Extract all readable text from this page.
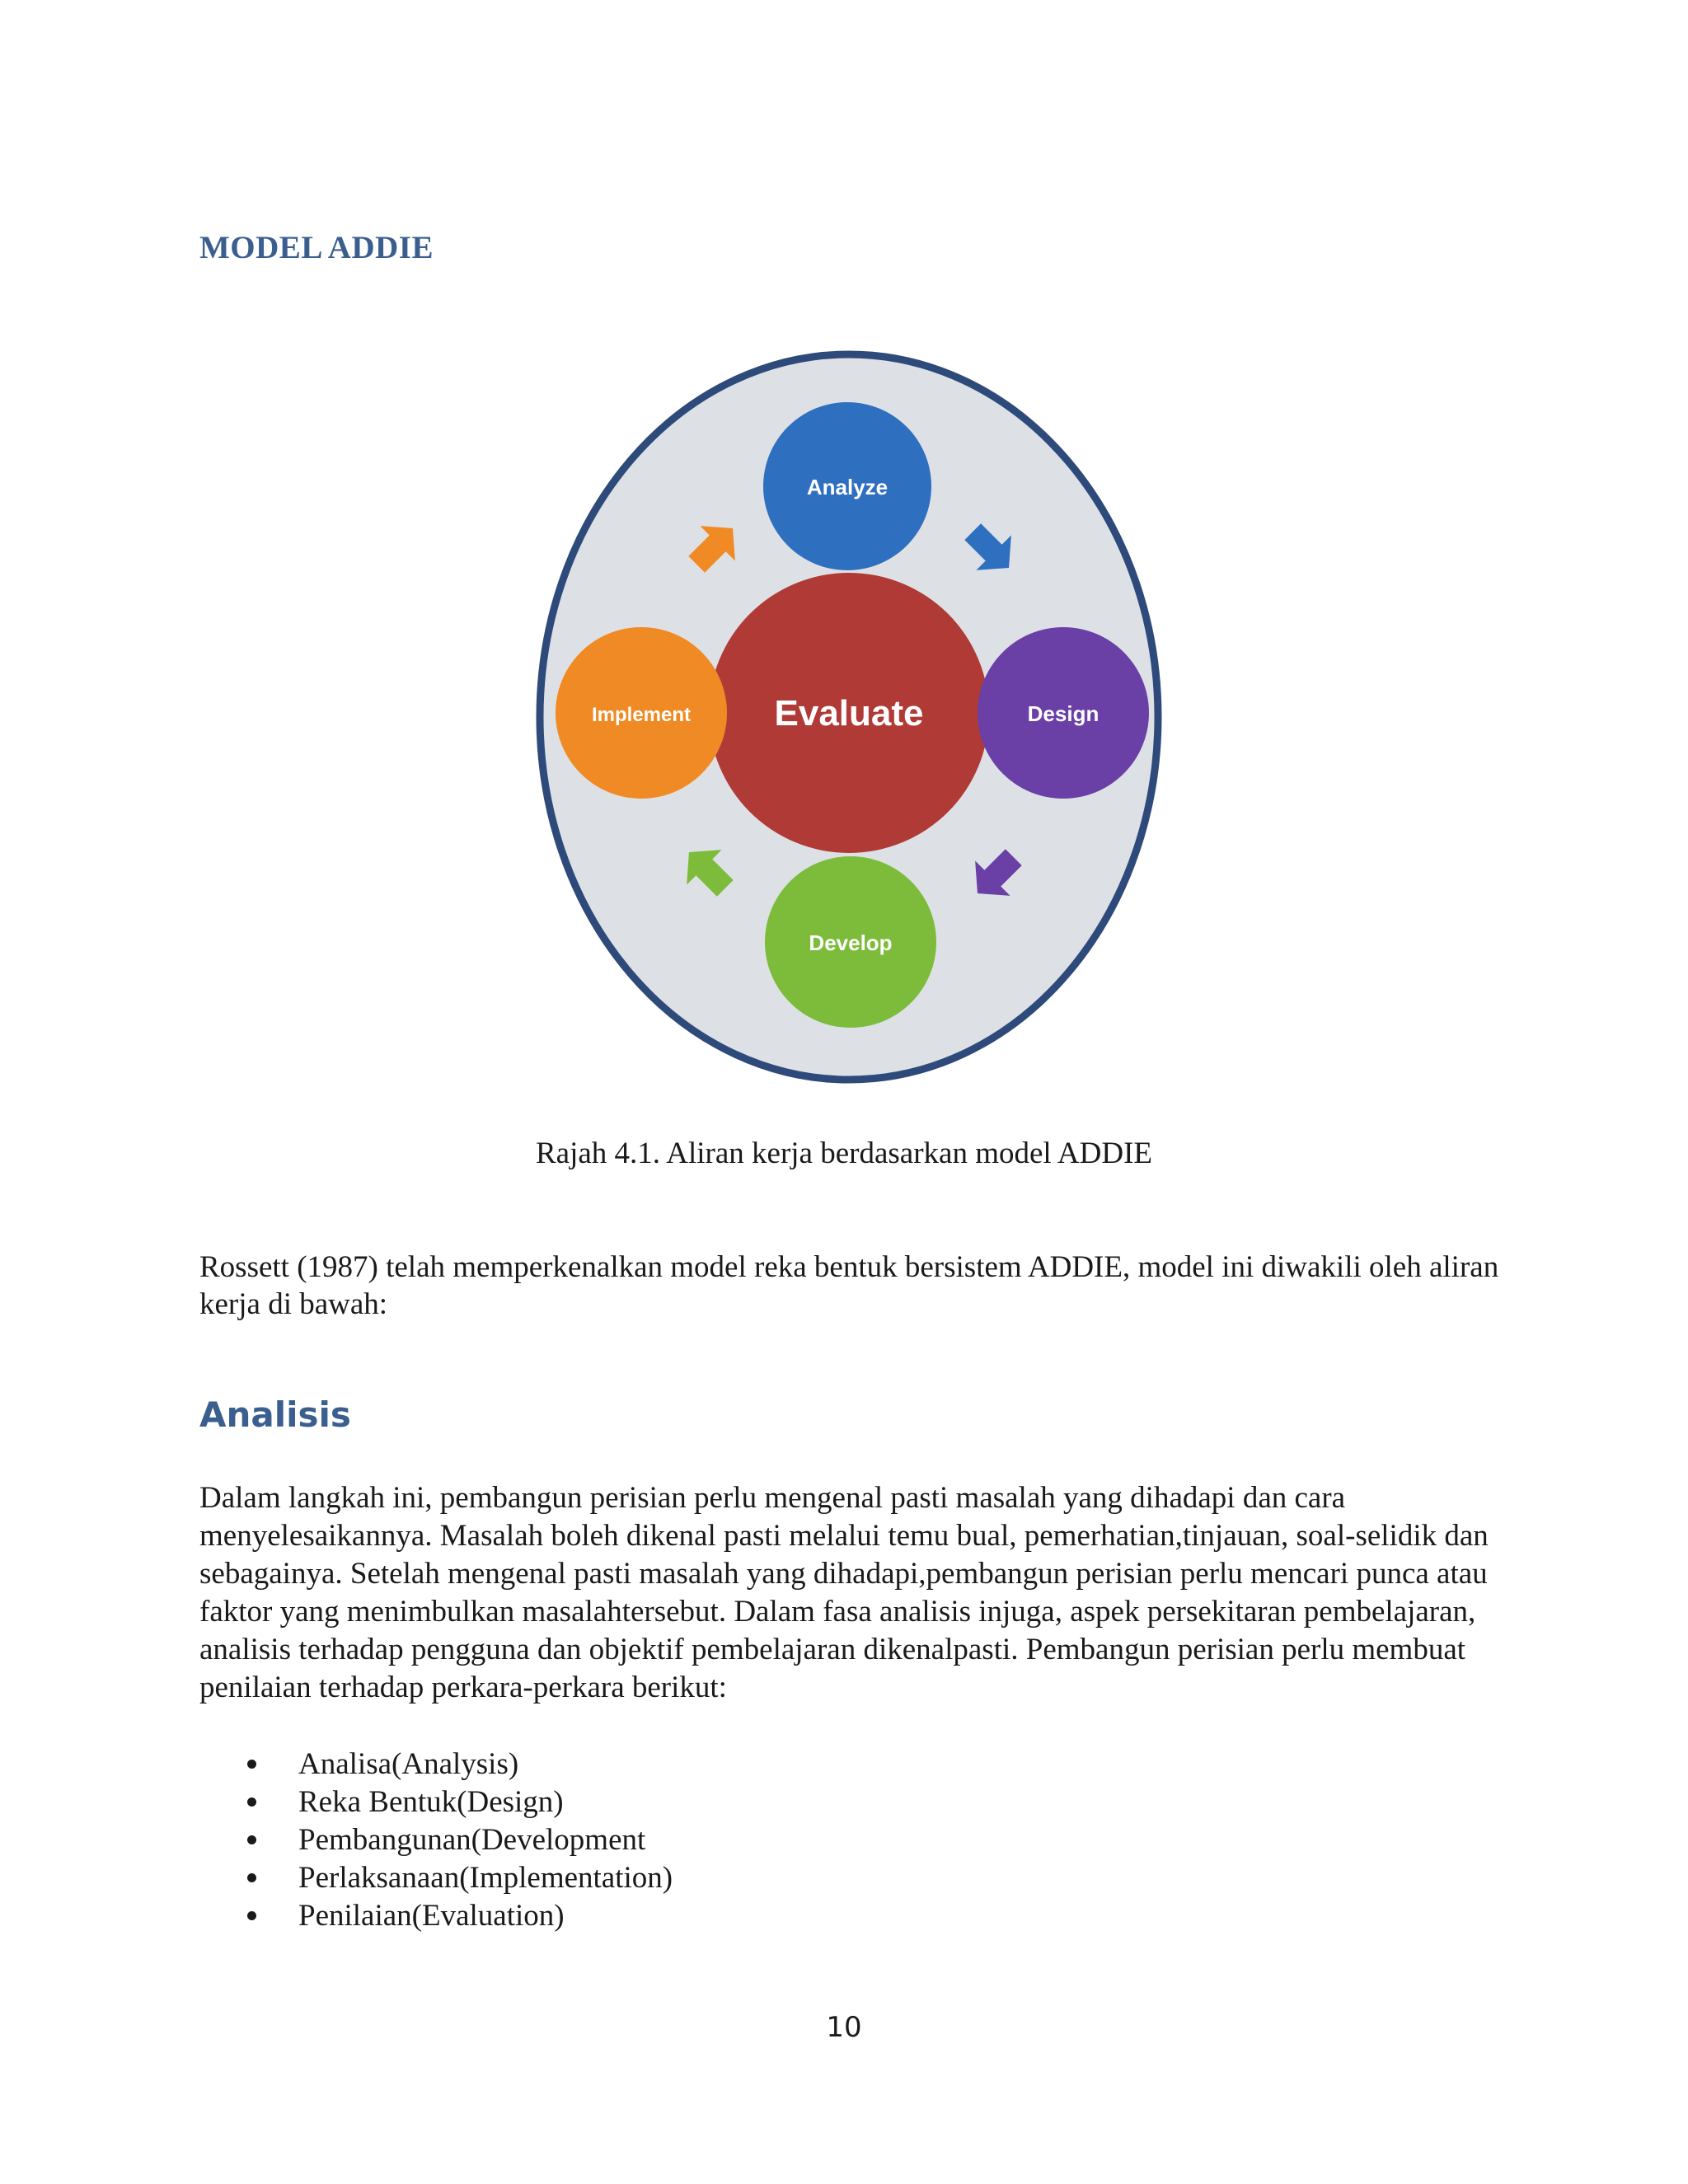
MODEL ADDIE
Evaluate
Analyze
Design
Develop
Implement
Rajah 4.1. Aliran kerja berdasarkan model ADDIE
Rossett (1987) telah memperkenalkan model reka bentuk bersistem ADDIE, model ini diwakili oleh aliran kerja di bawah:
Analisis
Dalam langkah ini, pembangun perisian perlu mengenal pasti masalah yang dihadapi dan cara menyelesaikannya. Masalah boleh dikenal pasti melalui temu bual, pemerhatian,tinjauan, soal-selidik dan sebagainya. Setelah mengenal pasti masalah yang dihadapi,pembangun perisian perlu mencari punca atau faktor yang menimbulkan masalahtersebut. Dalam fasa analisis injuga, aspek persekitaran pembelajaran, analisis terhadap pengguna dan objektif pembelajaran dikenalpasti. Pembangun perisian perlu membuat penilaian terhadap perkara-perkara berikut:
Analisa(Analysis)
Reka Bentuk(Design)
Pembangunan(Development
Perlaksanaan(Implementation)
Penilaian(Evaluation)
10
